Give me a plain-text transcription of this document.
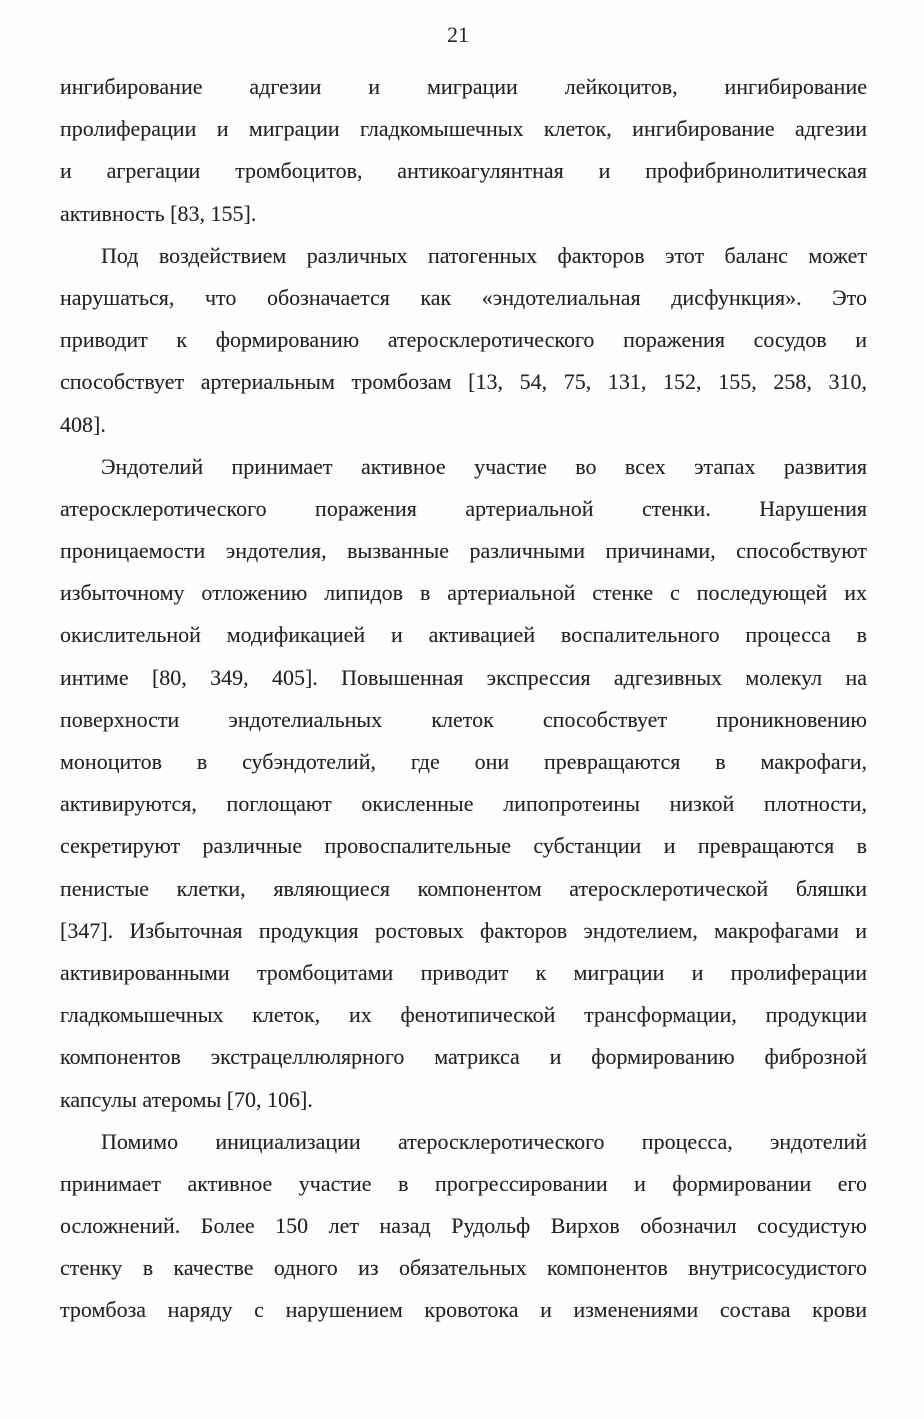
21
ингибирование адгезии и миграции лейкоцитов, ингибирование
пролиферации и миграции гладкомышечных клеток, ингибирование адгезии
и агрегации тромбоцитов, антикоагулянтная и профибринолитическая
активность [83, 155].
Под воздействием различных патогенных факторов этот баланс может
нарушаться, что обозначается как «эндотелиальная дисфункция». Это
приводит к формированию атеросклеротического поражения сосудов и
способствует артериальным тромбозам [13, 54, 75, 131, 152, 155, 258, 310,
408].
Эндотелий принимает активное участие во всех этапах развития
атеросклеротического поражения артериальной стенки. Нарушения
проницаемости эндотелия, вызванные различными причинами, способствуют
избыточному отложению липидов в артериальной стенке с последующей их
окислительной модификацией и активацией воспалительного процесса в
интиме [80, 349, 405]. Повышенная экспрессия адгезивных молекул на
поверхности эндотелиальных клеток способствует проникновению
моноцитов в субэндотелий, где они превращаются в макрофаги,
активируются, поглощают окисленные липопротеины низкой плотности,
секретируют различные провоспалительные субстанции и превращаются в
пенистые клетки, являющиеся компонентом атеросклеротической бляшки
[347]. Избыточная продукция ростовых факторов эндотелием, макрофагами и
активированными тромбоцитами приводит к миграции и пролиферации
гладкомышечных клеток, их фенотипической трансформации, продукции
компонентов экстрацеллюлярного матрикса и формированию фиброзной
капсулы атеромы [70, 106].
Помимо инициализации атеросклеротического процесса, эндотелий
принимает активное участие в прогрессировании и формировании его
осложнений. Более 150 лет назад Рудольф Вирхов обозначил сосудистую
стенку в качестве одного из обязательных компонентов внутрисосудистого
тромбоза наряду с нарушением кровотока и изменениями состава крови
